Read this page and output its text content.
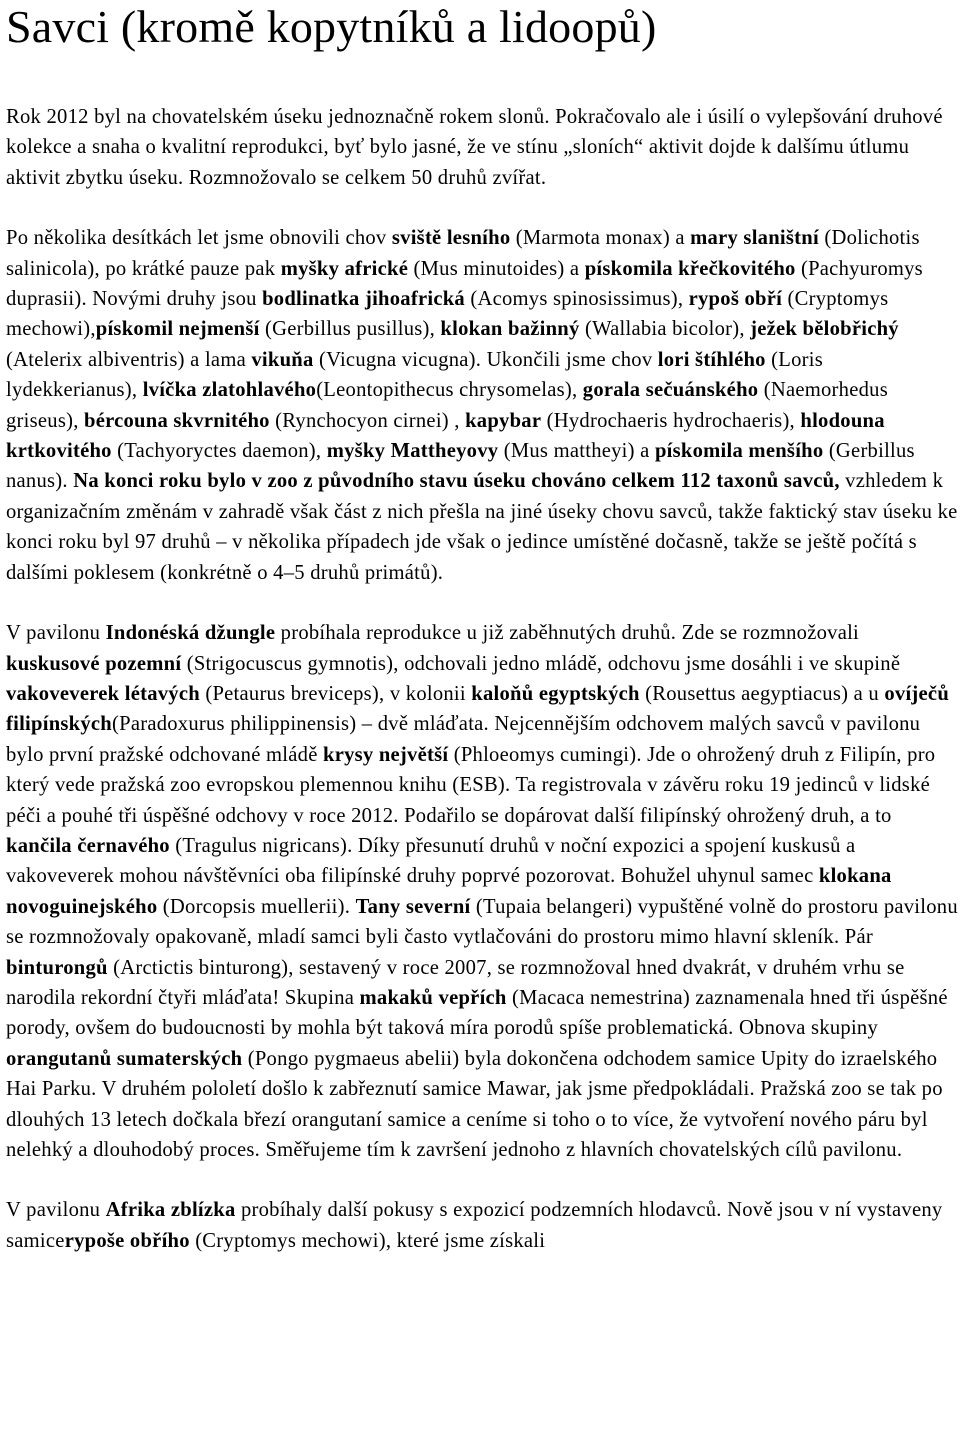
Savci (kromě kopytníků a lidoopů)

Rok 2012 byl na chovatelském úseku jednoznačně rokem slonů. Pokračovalo ale i úsilí o vylepšování druhové kolekce a snaha o kvalitní reprodukci, byť bylo jasné, že ve stínu „sloních“ aktivit dojde k dalšímu útlumu aktivit zbytku úseku. Rozmnožovalo se celkem 50 druhů zvířat.

Po několika desítkách let jsme obnovili chov sviště lesního (Marmota monax) a mary slaništní (Dolichotis salinicola), po krátké pauze pak myšky africké (Mus minutoides) a pískomila křečkovitého (Pachyuromys duprasii). Novými druhy jsou bodlinatka jihoafrická (Acomys spinosissimus), rypoš obří (Cryptomys mechowi),pískomil nejmenší (Gerbillus pusillus), klokan bažinný (Wallabia bicolor), ježek bělobřichý (Atelerix albiventris) a lama vikuňa (Vicugna vicugna). Ukončili jsme chov lori štíhlého (Loris lydekkerianus), lvíčka zlatohlavého(Leontopithecus chrysomelas), gorala sečuánského (Naemorhedus griseus), bércouna skvrnitého (Rynchocyon cirnei) , kapybar (Hydrochaeris hydrochaeris), hlodouna krtkovitého (Tachyoryctes daemon), myšky Mattheyovy (Mus mattheyi) a pískomila menšího (Gerbillus nanus). Na konci roku bylo v zoo z původního stavu úseku chováno celkem 112 taxonů savců, vzhledem k organizačním změnám v zahradě však část z nich přešla na jiné úseky chovu savců, takže faktický stav úseku ke konci roku byl 97 druhů – v několika případech jde však o jedince umístěné dočasně, takže se ještě počítá s dalšími poklesem (konkrétně o 4–5 druhů primátů).

V pavilonu Indonéská džungle probíhala reprodukce u již zaběhnutých druhů. Zde se rozmnožovali kuskusové pozemní (Strigocuscus gymnotis), odchovali jedno mládě, odchovu jsme dosáhli i ve skupině vakoveverek létavých (Petaurus breviceps), v kolonii kaloňů egyptských (Rousettus aegyptiacus) a u ovíječů filipínských(Paradoxurus philippinensis) – dvě mláďata. Nejcennějším odchovem malých savců v pavilonu bylo první pražské odchované mládě krysy největší (Phloeomys cumingi). Jde o ohrožený druh z Filipín, pro který vede pražská zoo evropskou plemennou knihu (ESB). Ta registrovala v závěru roku 19 jedinců v lidské péči a pouhé tři úspěšné odchovy v roce 2012. Podařilo se dopárovat další filipínský ohrožený druh, a to kančila černavého (Tragulus nigricans). Díky přesunutí druhů v noční expozici a spojení kuskusů a vakoveverek mohou návštěvníci oba filipínské druhy poprvé pozorovat. Bohužel uhynul samec klokana novoguinejského (Dorcopsis muellerii). Tany severní (Tupaia belangeri) vypuštěné volně do prostoru pavilonu se rozmnožovaly opakovaně, mladí samci byli často vytlačováni do prostoru mimo hlavní skleník. Pár binturongů (Arctictis binturong), sestavený v roce 2007, se rozmnožoval hned dvakrát, v druhém vrhu se narodila rekordní čtyři mláďata! Skupina makaků vepřích (Macaca nemestrina) zaznamenala hned tři úspěšné porody, ovšem do budoucnosti by mohla být taková míra porodů spíše problematická. Obnova skupiny orangutanů sumaterských (Pongo pygmaeus abelii) byla dokončena odchodem samice Upity do izraelského Hai Parku. V druhém pololetí došlo k zabřeznutí samice Mawar, jak jsme předpokládali. Pražská zoo se tak po dlouhých 13 letech dočkala březí orangutaní samice a ceníme si toho o to více, že vytvoření nového páru byl nelehký a dlouhodobý proces. Směřujeme tím k završení jednoho z hlavních chovatelských cílů pavilonu.

V pavilonu Afrika zblízka probíhaly další pokusy s expozicí podzemních hlodavců. Nově jsou v ní vystaveny samicerypoše obřího (Cryptomys mechowi), které jsme získali
